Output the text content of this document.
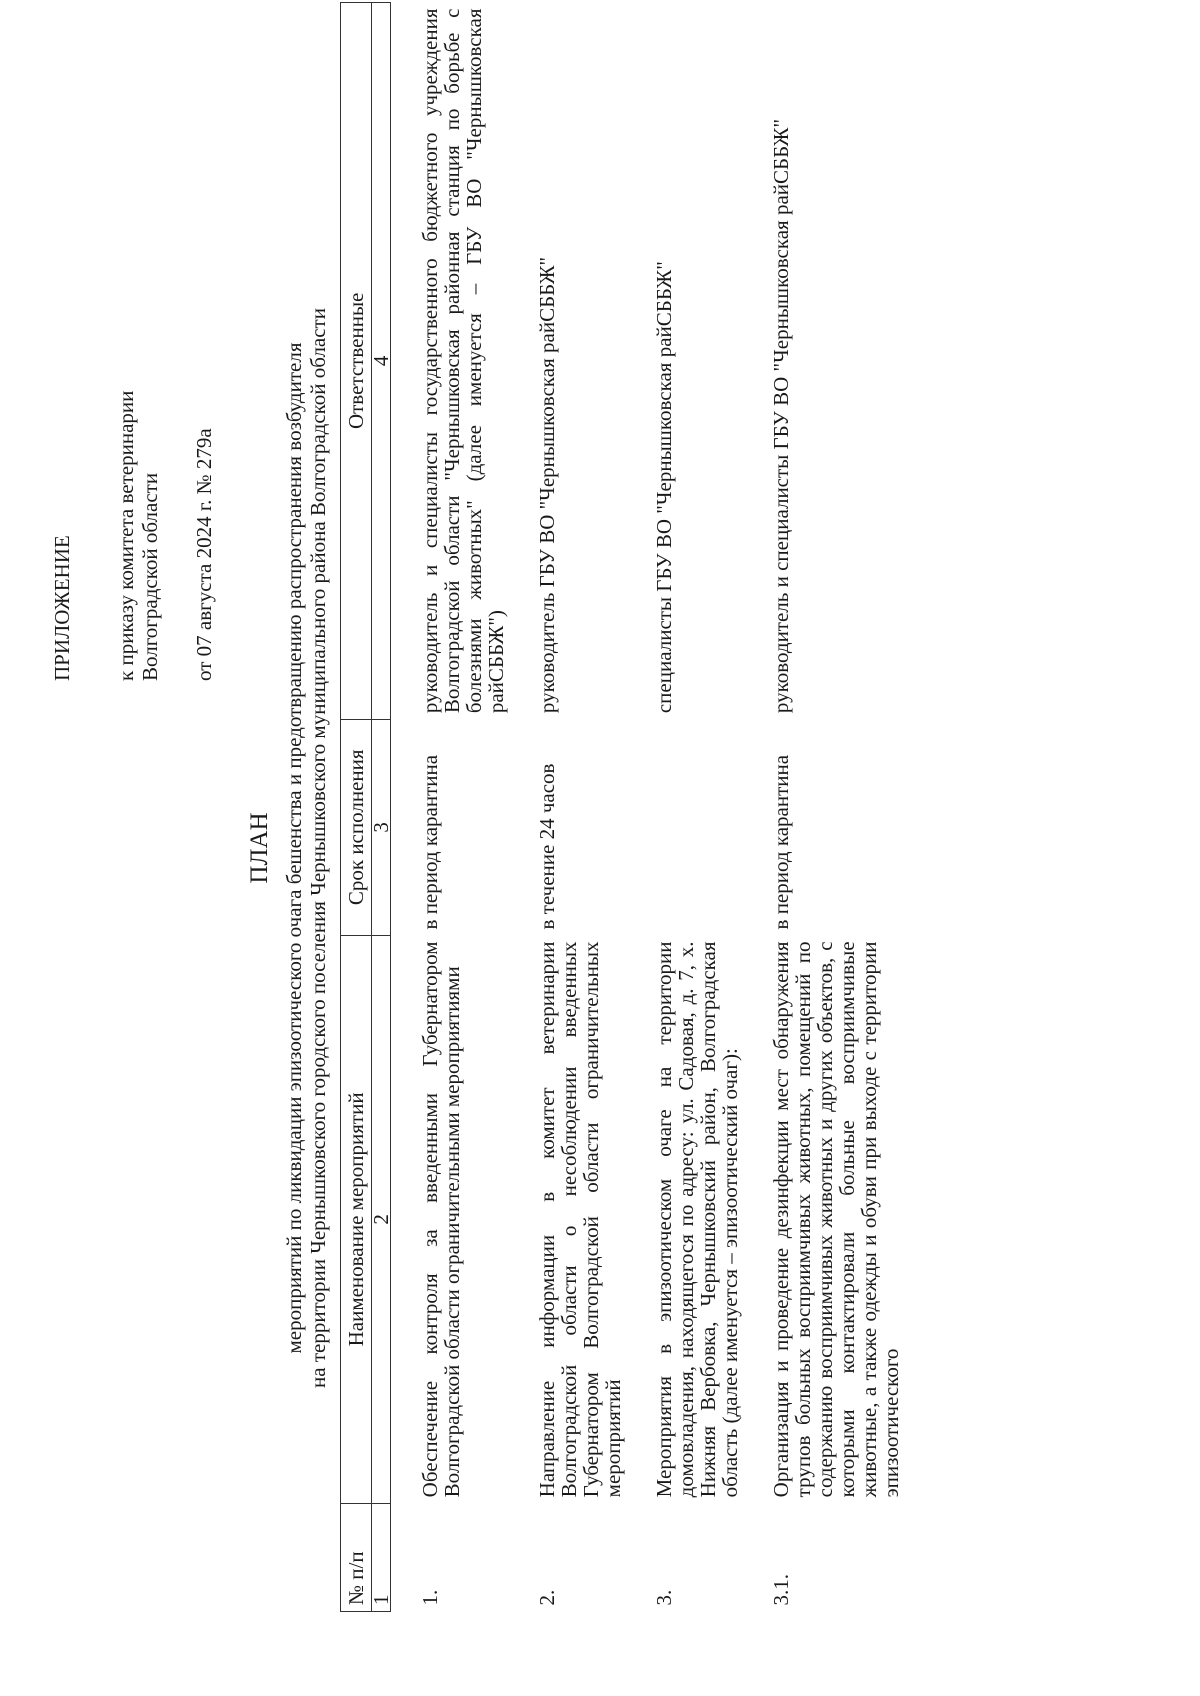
ПРИЛОЖЕНИЕ к приказу комитета ветеринарии Волгоградской области от 07 августа 2024 г. № 279а
ПЛАН мероприятий по ликвидации эпизоотического очага бешенства и предотвращению распространения возбудителя на территории Чернышковского городского поселения Чернышковского муниципального района Волгоградской области
№ п/п	Наименование мероприятий	Срок исполнения	Ответственные
1	2	3	4
1.	Обеспечение контроля за введенными Губернатором Волгоградской области ограничительными мероприятиями	в период карантина	руководитель и специалисты государственного бюджетного учреждения Волгоградской области "Чернышковская районная станция по борьбе с болезнями животных" (далее именуется – ГБУ ВО "Чернышковская райСББЖ")
2.	Направление информации в комитет ветеринарии Волгоградской области о несоблюдении введенных Губернатором Волгоградской области ограничительных мероприятий	в течение 24 часов	руководитель ГБУ ВО "Чернышковская райСББЖ"
3.	Мероприятия в эпизоотическом очаге на территории домовладения, находящегося по адресу: ул. Садовая, д. 7, х. Нижняя Вербовка, Чернышковский район, Волгоградская область (далее именуется – эпизоотический очаг):		специалисты ГБУ ВО "Чернышковская райСББЖ"
3.1.	Организация и проведение дезинфекции мест обнаружения трупов больных восприимчивых животных, помещений по содержанию восприимчивых животных и других объектов, с которыми контактировали больные восприимчивые животные, а также одежды и обуви при выходе с территории эпизоотического	в период карантина	руководитель и специалисты ГБУ ВО "Чернышковская райСББЖ"
